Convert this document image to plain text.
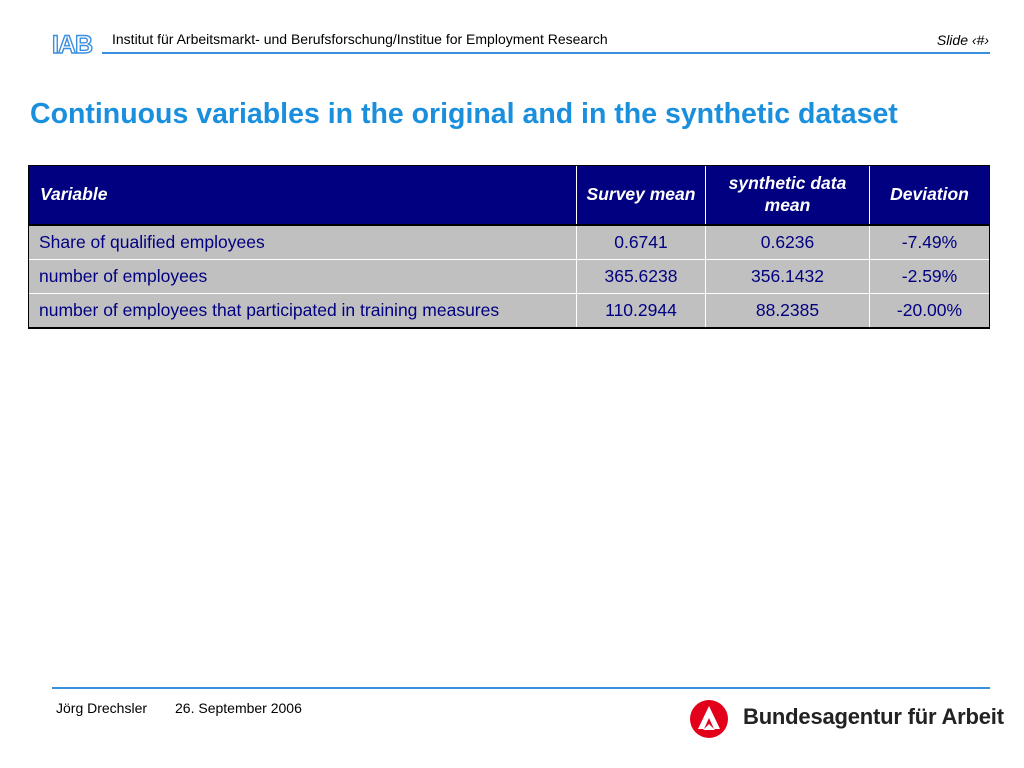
IAB Institut für Arbeitsmarkt- und Berufsforschung/Institue for Employment Research	Slide ‹#›
Continuous variables in the original and in the synthetic dataset
Variable	Survey mean	synthetic data mean	Deviation
Share of qualified employees	0.6741	0.6236	-7.49%
number of employees	365.6238	356.1432	-2.59%
number of employees that participated in training measures	110.2944	88.2385	-20.00%
Jörg Drechsler 26. September 2006	Bundesagentur für Arbeit
